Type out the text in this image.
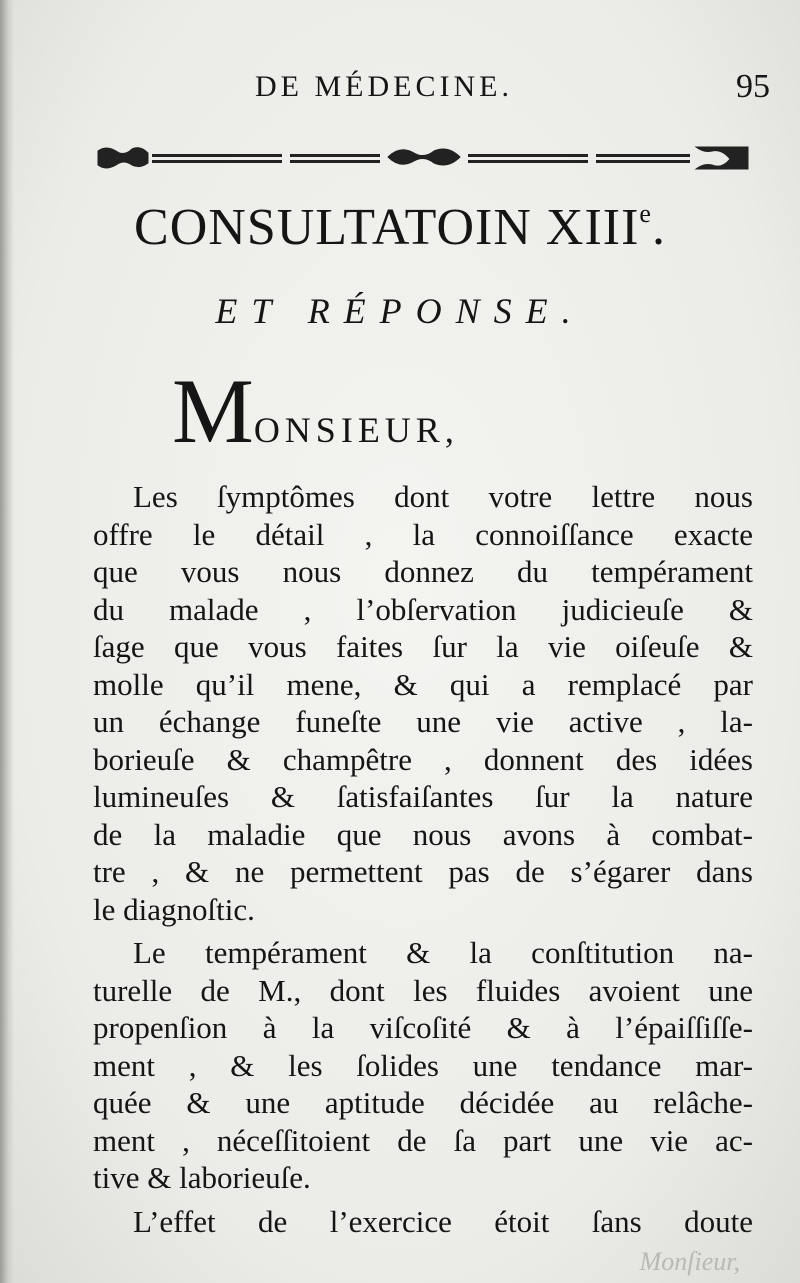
DE MÉDECINE.	95
CONSULTATOIN XIIIe.
ET RÉPONSE.
MONSIEUR,
Les ſymptômes dont votre lettre nous
offre le détail , la connoiſſance exacte
que vous nous donnez du tempérament
du malade , l’obſervation judicieuſe &
ſage que vous faites ſur la vie oiſeuſe &
molle qu’il mene, & qui a remplacé par
un échange funeſte une vie active , la-
borieuſe & champêtre , donnent des idées
lumineuſes & ſatisfaiſantes ſur la nature
de la maladie que nous avons à combat-
tre , & ne permettent pas de s’égarer dans
le diagnoſtic.
Le tempérament & la conſtitution na-
turelle de M., dont les fluides avoient une
propenſion à la viſcoſité & à l’épaiſſiſſe-
ment , & les ſolides une tendance mar-
quée & une aptitude décidée au relâche-
ment , néceſſitoient de ſa part une vie ac-
tive & laborieuſe.
L’effet de l’exercice étoit ſans doute
Monſieur,
